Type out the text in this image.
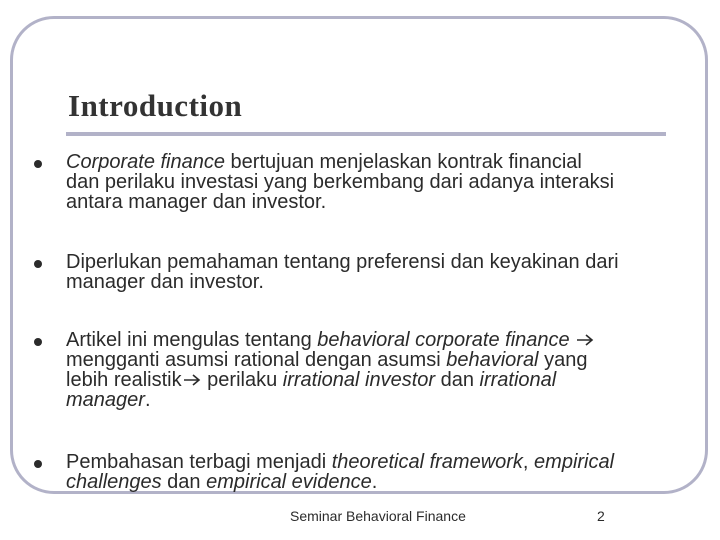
Introduction
Corporate finance bertujuan menjelaskan kontrak financial
dan perilaku investasi yang berkembang dari adanya interaksi
antara manager dan investor.
Diperlukan pemahaman tentang preferensi dan keyakinan dari
manager dan investor.
Artikel ini mengulas tentang behavioral corporate finance
mengganti asumsi rational dengan asumsi behavioral yang
lebih realistik perilaku irrational investor dan irrational
manager.
Pembahasan terbagi menjadi theoretical framework, empirical
challenges dan empirical evidence.
Seminar Behavioral Finance	2
